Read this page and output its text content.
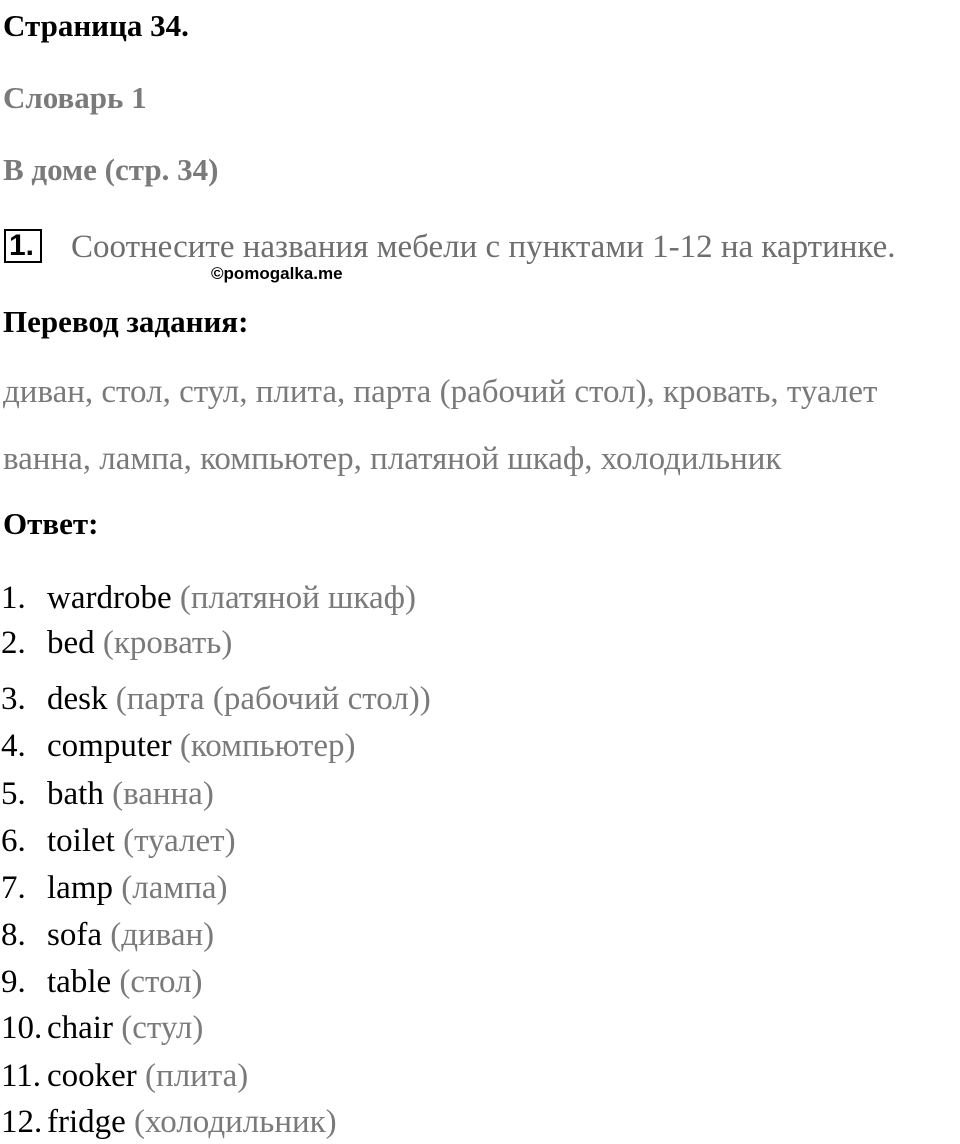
Страница 34.
Словарь 1
В доме (стр. 34)
1. Соотнесите названия мебели с пунктами 1-12 на картинке.
©pomogalka.me
Перевод задания:
диван, стол, стул, плита, парта (рабочий стол), кровать, туалет
ванна, лампа, компьютер, платяной шкаф, холодильник
Ответ:
1. wardrobe (платяной шкаф)
2. bed (кровать)
3. desk (парта (рабочий стол))
4. computer (компьютер)
5. bath (ванна)
6. toilet (туалет)
7. lamp (лампа)
8. sofa (диван)
9. table (стол)
10. chair (стул)
11. cooker (плита)
12. fridge (холодильник)
